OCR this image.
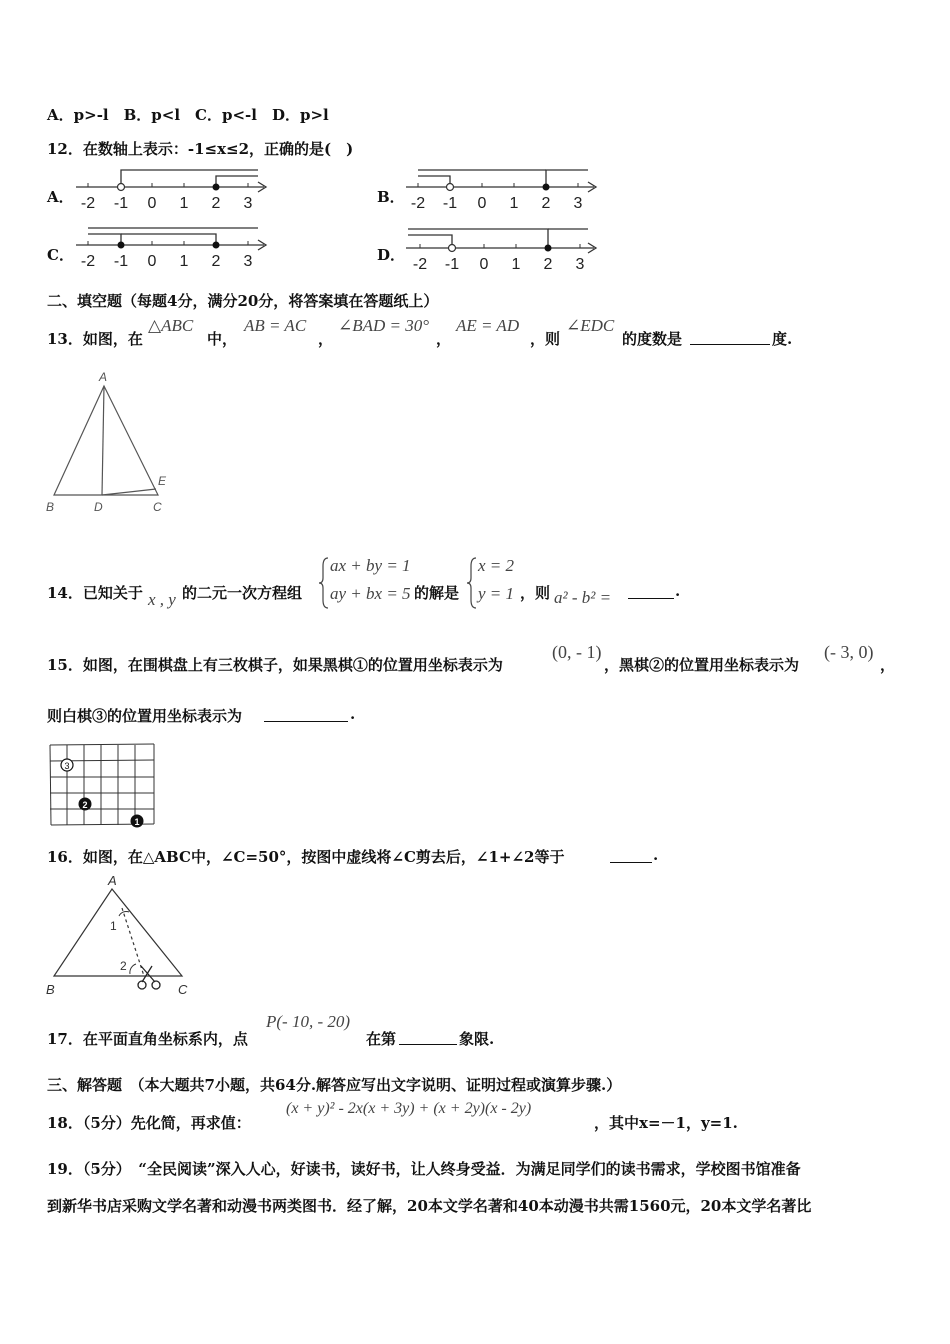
A．p>-l　B．p<l　C．p<-l　D．p>l
12．在数轴上表示：-1≤x≤2，正确的是(　)
A． -2 -1 0 1 2 3	B． -2 -1 0 1 2 3
C． -2 -1 0 1 2 3	D．
-2 -1 0 1 2 3
二、填空题（每题4分，满分20分，将答案填在答题纸上）
13．如图，在
△ABC
中，
AB = AC
，
∠BAD = 30°
，
AE = AD
，则
∠EDC
的度数是	度.
A
B	D	C
E
14．已知关于 x , y 的二元一次方程组
ax + by = 1
ay + bx = 5 的解是
x = 2
y = 1 ，则 a² - b² =	.
15．如图，在围棋盘上有三枚棋子，如果黑棋①的位置用坐标表示为
(0, - 1)
，黑棋②的位置用坐标表示为
(- 3, 0)
，
则白棋③的位置用坐标表示为	.
3
2
1
16．如图，在△ABC中，∠C=50°，按图中虚线将∠C剪去后，∠1+∠2等于	.
A
B	C
1
2
17．在平面直角坐标系内，点
P(- 10, - 20)
在第	象限.
三、解答题　（本大题共7小题，共64分.解答应写出文字说明、证明过程或演算步骤.）
18．（5分）先化简，再求值：
(x + y)² - 2x(x + 3y) + (x + 2y)(x - 2y)
，其中x=－1，y=1.
19．（5分）　“全民阅读”深入人心，好读书，读好书，让人终身受益．为满足同学们的读书需求，学校图书馆准备
到新华书店采购文学名著和动漫书两类图书．经了解，20本文学名著和40本动漫书共需1560元，20本文学名著比
